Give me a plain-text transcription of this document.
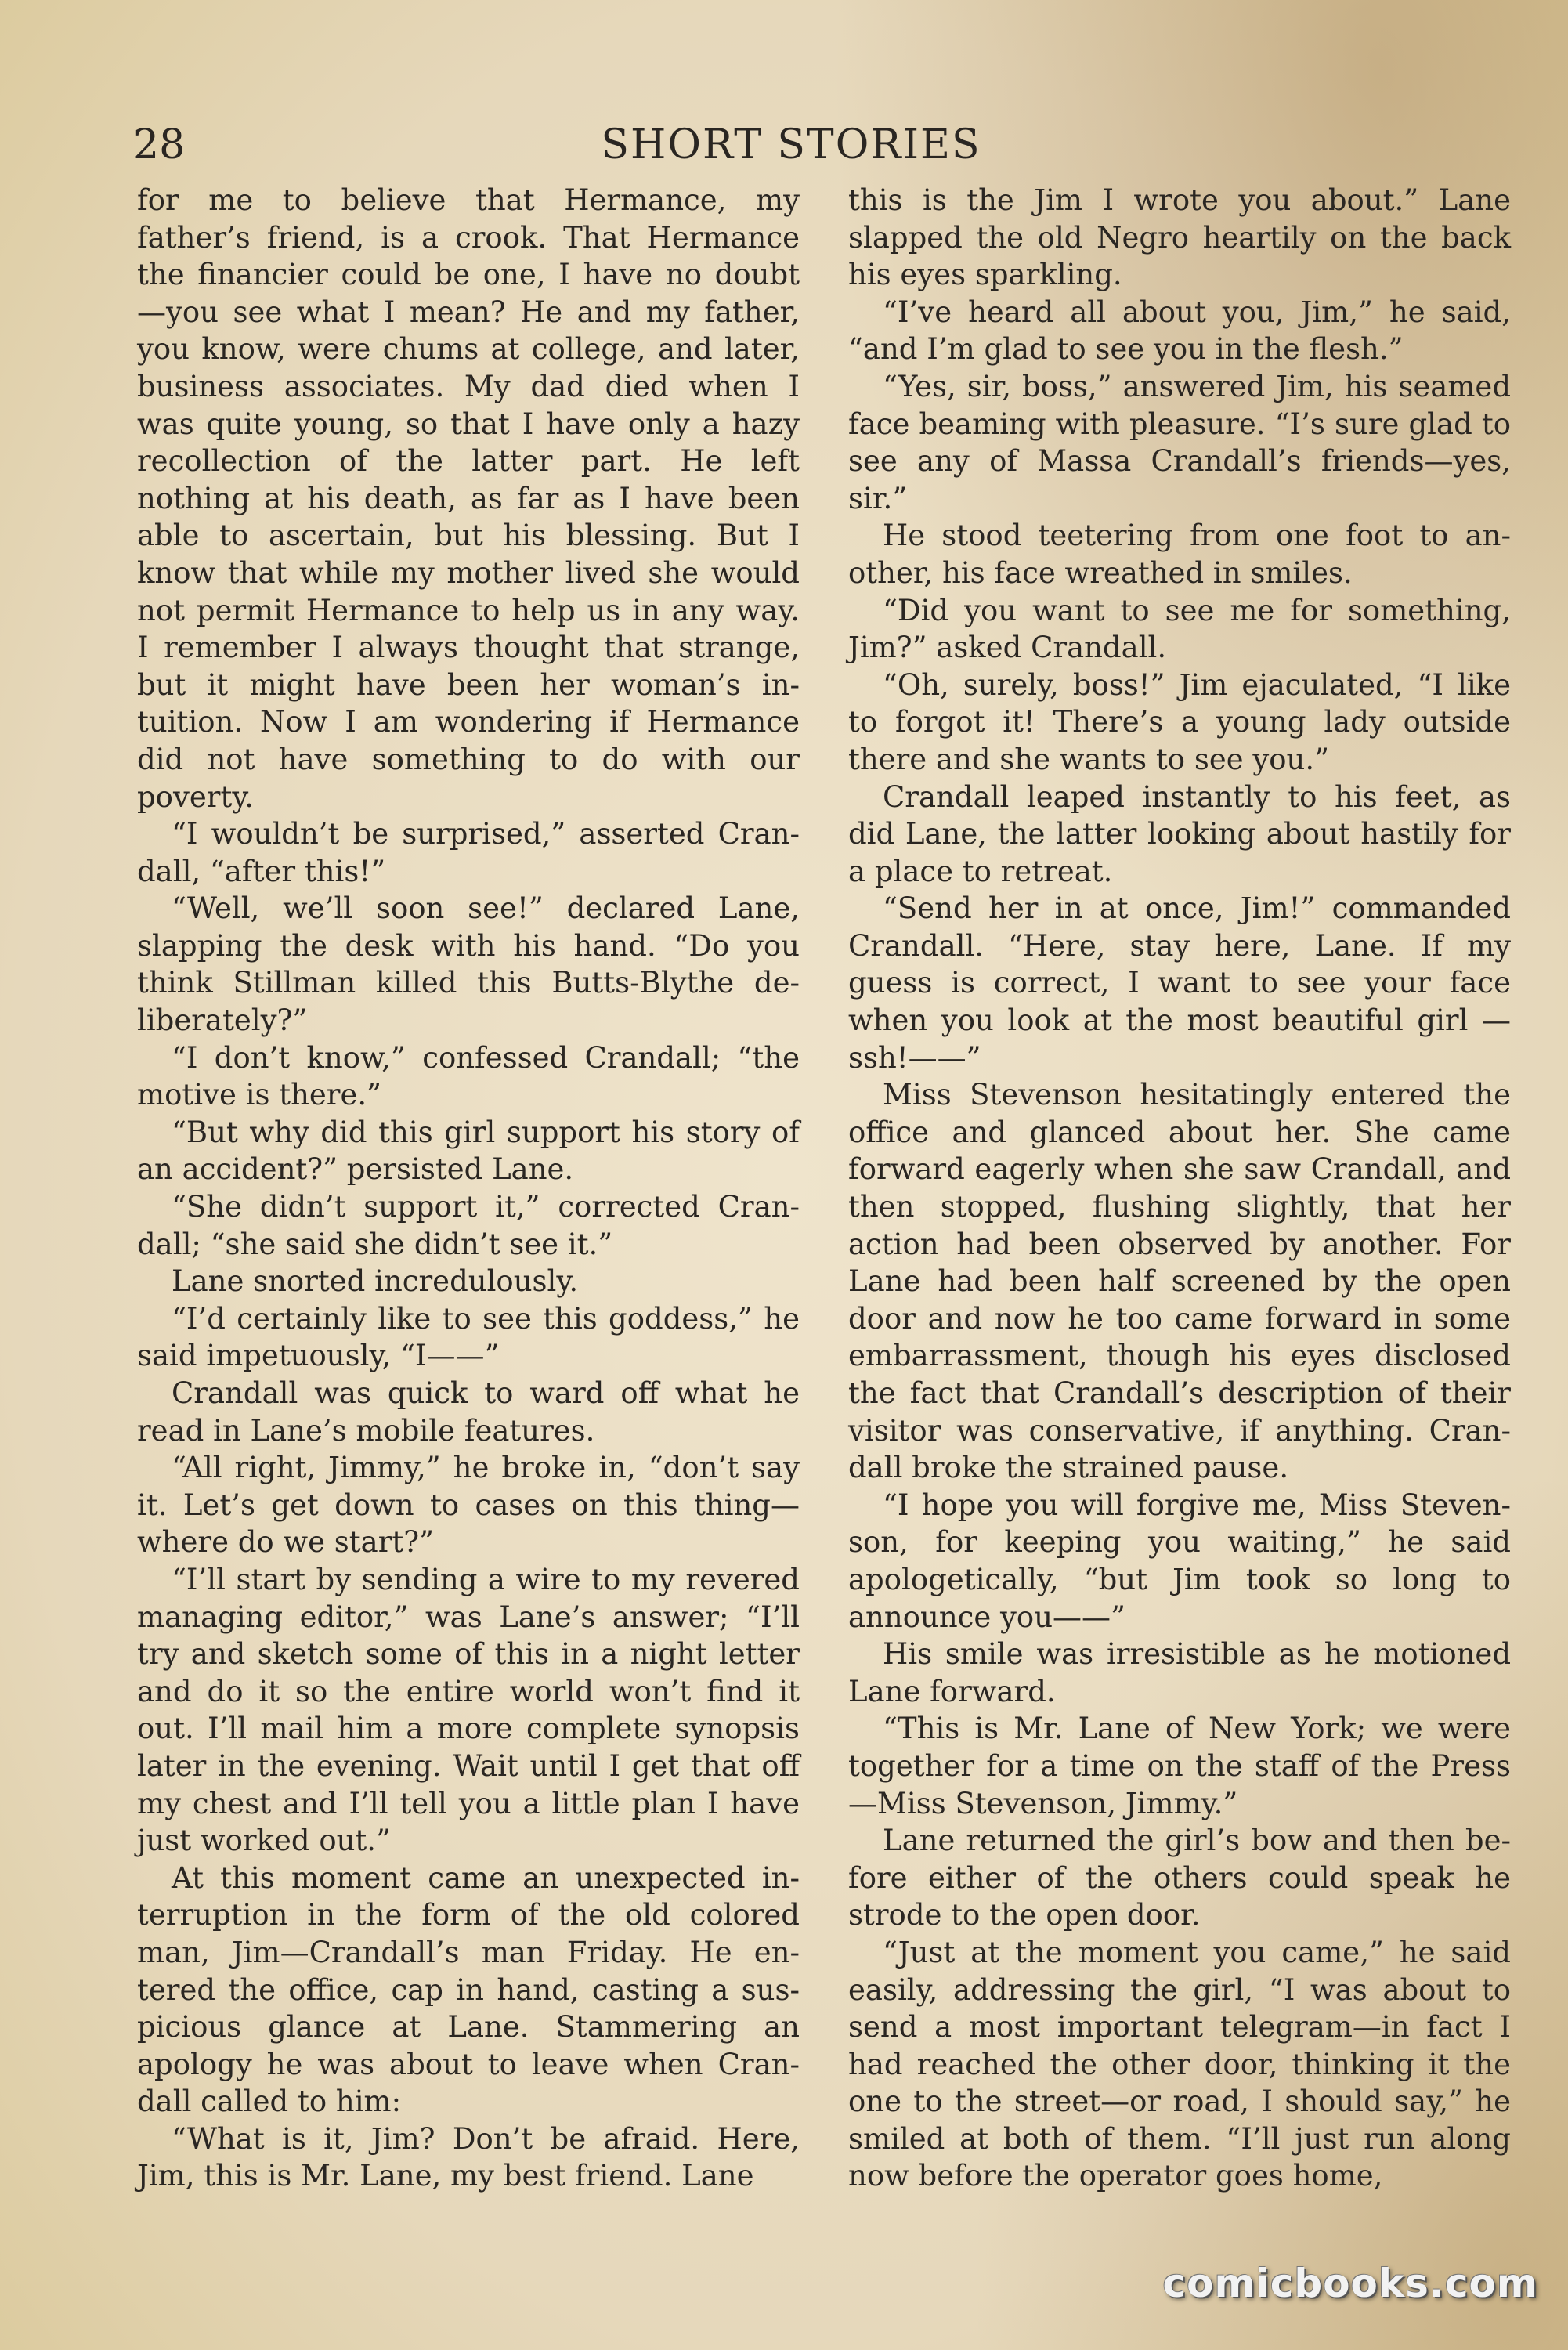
28	SHORT STORIES

for me to believe that Hermance, my father’s friend, is a crook. That Hermance the financier could be one, I have no doubt —you see what I mean? He and my father, you know, were chums at college, and later, business associates. My dad died when I was quite young, so that I have only a hazy recollection of the latter part. He left nothing at his death, as far as I have been able to ascertain, but his blessing. But I know that while my mother lived she would not permit Hermance to help us in any way. I remember I always thought that strange, but it might have been her woman’s intuition. Now I am wondering if Hermance did not have something to do with our poverty.

“I wouldn’t be surprised,” asserted Crandall, “after this!”

“Well, we’ll soon see!” declared Lane, slapping the desk with his hand. “Do you think Stillman killed this Butts-Blythe deliberately?”

“I don’t know,” confessed Crandall; “the motive is there.”

“But why did this girl support his story of an accident?” persisted Lane.

“She didn’t support it,” corrected Crandall; “she said she didn’t see it.”

Lane snorted incredulously.

“I’d certainly like to see this goddess,” he said impetuously, “I——”

Crandall was quick to ward off what he read in Lane’s mobile features.

“All right, Jimmy,” he broke in, “don’t say it. Let’s get down to cases on this thing—where do we start?”

“I’ll start by sending a wire to my revered managing editor,” was Lane’s answer; “I’ll try and sketch some of this in a night letter and do it so the entire world won’t find it out. I’ll mail him a more complete synopsis later in the evening. Wait until I get that off my chest and I’ll tell you a little plan I have just worked out.”

At this moment came an unexpected interruption in the form of the old colored man, Jim—Crandall’s man Friday. He entered the office, cap in hand, casting a suspicious glance at Lane. Stammering an apology he was about to leave when Crandall called to him:

“What is it, Jim? Don’t be afraid. Here, Jim, this is Mr. Lane, my best friend. Lane

this is the Jim I wrote you about.” Lane slapped the old Negro heartily on the back his eyes sparkling.

“I’ve heard all about you, Jim,” he said, “and I’m glad to see you in the flesh.”

“Yes, sir, boss,” answered Jim, his seamed face beaming with pleasure. “I’s sure glad to see any of Massa Crandall’s friends—yes, sir.”

He stood teetering from one foot to another, his face wreathed in smiles.

“Did you want to see me for something, Jim?” asked Crandall.

“Oh, surely, boss!” Jim ejaculated, “I like to forgot it! There’s a young lady outside there and she wants to see you.”

Crandall leaped instantly to his feet, as did Lane, the latter looking about hastily for a place to retreat.

“Send her in at once, Jim!” commanded Crandall. “Here, stay here, Lane. If my guess is correct, I want to see your face when you look at the most beautiful girl —ssh!——”

Miss Stevenson hesitatingly entered the office and glanced about her. She came forward eagerly when she saw Crandall, and then stopped, flushing slightly, that her action had been observed by another. For Lane had been half screened by the open door and now he too came forward in some embarrassment, though his eyes disclosed the fact that Crandall’s description of their visitor was conservative, if anything. Crandall broke the strained pause.

“I hope you will forgive me, Miss Stevenson, for keeping you waiting,” he said apologetically, “but Jim took so long to announce you——”

His smile was irresistible as he motioned Lane forward.

“This is Mr. Lane of New York; we were together for a time on the staff of the Press —Miss Stevenson, Jimmy.”

Lane returned the girl’s bow and then before either of the others could speak he strode to the open door.

“Just at the moment you came,” he said easily, addressing the girl, “I was about to send a most important telegram—in fact I had reached the other door, thinking it the one to the street—or road, I should say,” he smiled at both of them. “I’ll just run along now before the operator goes home,

comicbooks.com
